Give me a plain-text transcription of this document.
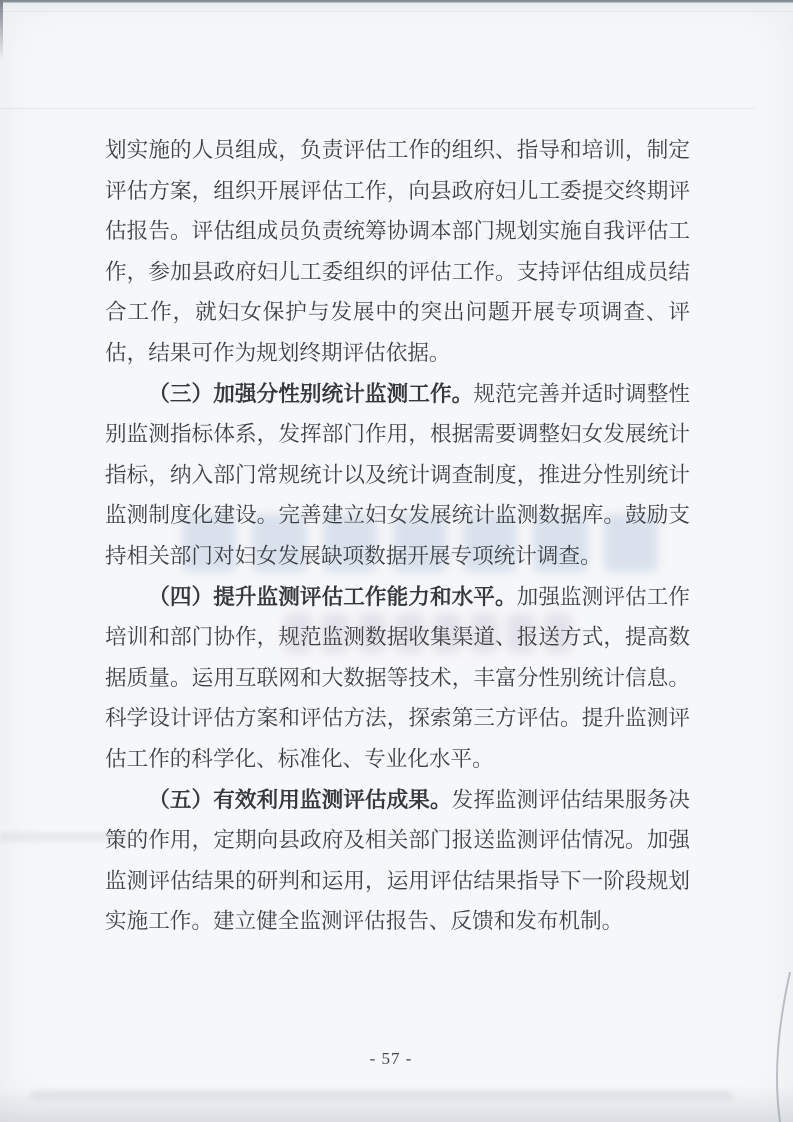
划实施的人员组成，负责评估工作的组织、指导和培训，制定评估方案，组织开展评估工作，向县政府妇儿工委提交终期评估报告。评估组成员负责统筹协调本部门规划实施自我评估工作，参加县政府妇儿工委组织的评估工作。支持评估组成员结合工作，就妇女保护与发展中的突出问题开展专项调查、评估，结果可作为规划终期评估依据。

（三）加强分性别统计监测工作。规范完善并适时调整性别监测指标体系，发挥部门作用，根据需要调整妇女发展统计指标，纳入部门常规统计以及统计调查制度，推进分性别统计监测制度化建设。完善建立妇女发展统计监测数据库。鼓励支持相关部门对妇女发展缺项数据开展专项统计调查。

（四）提升监测评估工作能力和水平。加强监测评估工作培训和部门协作，规范监测数据收集渠道、报送方式，提高数据质量。运用互联网和大数据等技术，丰富分性别统计信息。科学设计评估方案和评估方法，探索第三方评估。提升监测评估工作的科学化、标准化、专业化水平。

（五）有效利用监测评估成果。发挥监测评估结果服务决策的作用，定期向县政府及相关部门报送监测评估情况。加强监测评估结果的研判和运用，运用评估结果指导下一阶段规划实施工作。建立健全监测评估报告、反馈和发布机制。

- 57 -
